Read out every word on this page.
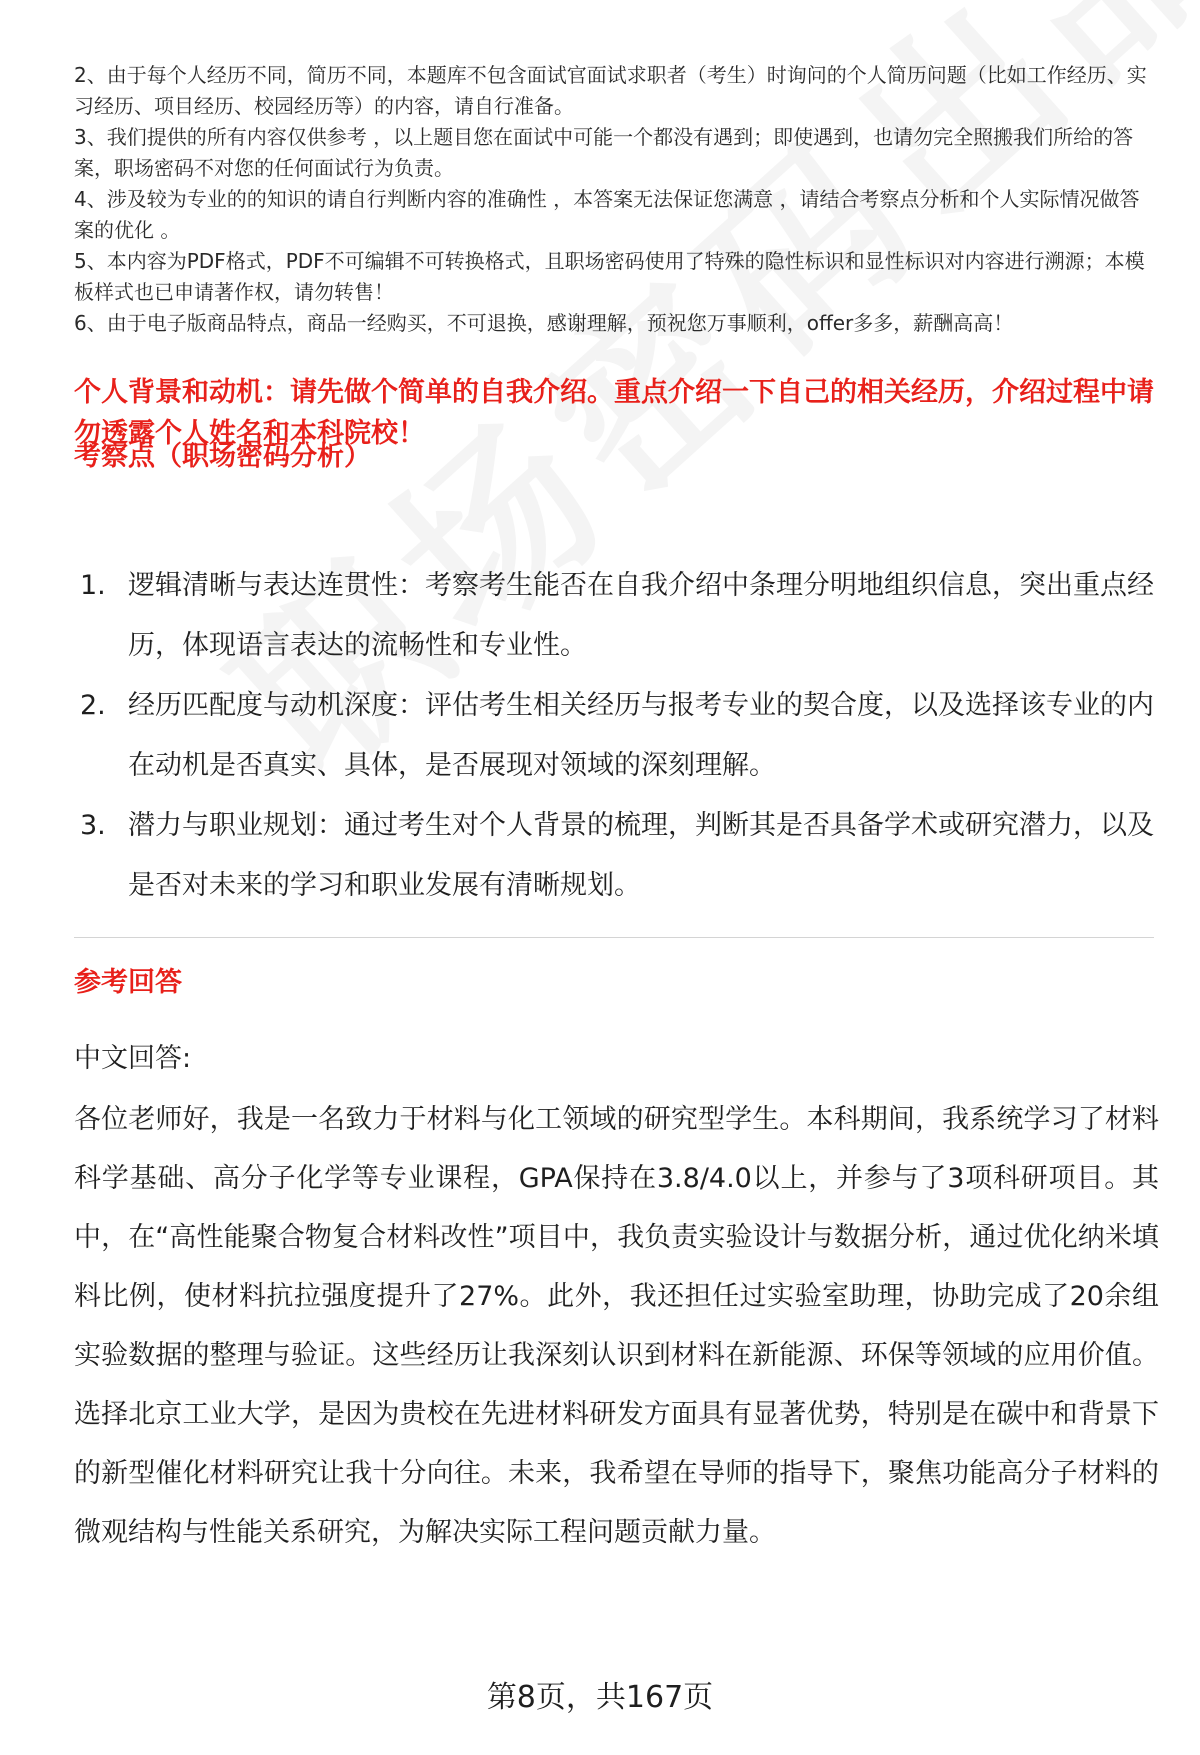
2、由于每个人经历不同，简历不同，本题库不包含面试官面试求职者（考生）时询问的个人简历问题（比如工作经历、实习经历、项目经历、校园经历等）的内容，请自行准备。

3、我们提供的所有内容仅供参考 ，以上题目您在面试中可能一个都没有遇到；即使遇到，也请勿完全照搬我们所给的答案，职场密码不对您的任何面试行为负责。

4、涉及较为专业的的知识的请自行判断内容的准确性 ，本答案无法保证您满意 ，请结合考察点分析和个人实际情况做答案的优化 。

5、本内容为PDF格式，PDF不可编辑不可转换格式，且职场密码使用了特殊的隐性标识和显性标识对内容进行溯源；本模板样式也已申请著作权，请勿转售！

6、由于电子版商品特点，商品一经购买，不可退换，感谢理解，预祝您万事顺利，offer多多，薪酬高高！

个人背景和动机：请先做个简单的自我介绍。重点介绍一下自己的相关经历，介绍过程中请勿透露个人姓名和本科院校！
考察点（职场密码分析）
1. 逻辑清晰与表达连贯性：考察考生能否在自我介绍中条理分明地组织信息，突出重点经历，体现语言表达的流畅性和专业性。
2. 经历匹配度与动机深度：评估考生相关经历与报考专业的契合度，以及选择该专业的内在动机是否真实、具体，是否展现对领域的深刻理解。
3. 潜力与职业规划：通过考生对个人背景的梳理，判断其是否具备学术或研究潜力，以及是否对未来的学习和职业发展有清晰规划。
参考回答
中文回答:
各位老师好，我是一名致力于材料与化工领域的研究型学生。本科期间，我系统学习了材料科学基础、高分子化学等专业课程，GPA保持在3.8/4.0以上，并参与了3项科研项目。其中，在“高性能聚合物复合材料改性”项目中，我负责实验设计与数据分析，通过优化纳米填料比例，使材料抗拉强度提升了27%。此外，我还担任过实验室助理，协助完成了20余组实验数据的整理与验证。这些经历让我深刻认识到材料在新能源、环保等领域的应用价值。选择北京工业大学，是因为贵校在先进材料研发方面具有显著优势，特别是在碳中和背景下的新型催化材料研究让我十分向往。未来，我希望在导师的指导下，聚焦功能高分子材料的微观结构与性能关系研究，为解决实际工程问题贡献力量。
第8页，共167页
